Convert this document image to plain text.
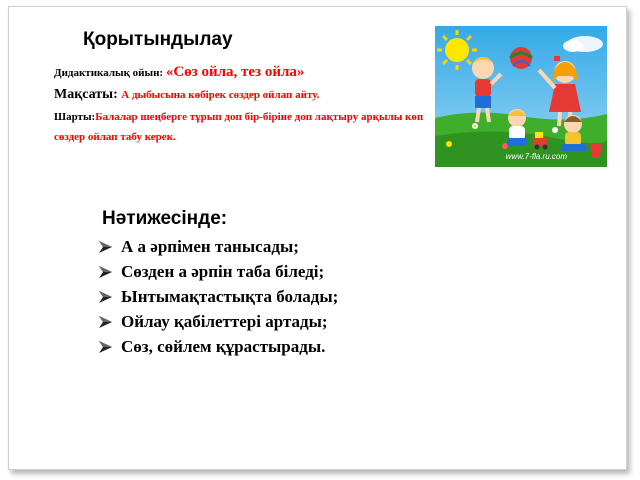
Қорытындылау
Дидактикалық ойын: «Сөз ойла, тез ойла»
Мақсаты: А дыбысына көбірек сөздер ойлап айту.
Шарты:Балалар шеңберге тұрып доп бір-біріне доп лақтыру арқылы көп сөздер ойлап табу керек.
www.7-fla.ru.com
Нәтижесінде:
А а әрпімен танысады;
Сөзден а әрпін таба біледі;
Ынтымақтастықта болады;
Ойлау қабілеттері артады;
Сөз, сөйлем құрастырады.
